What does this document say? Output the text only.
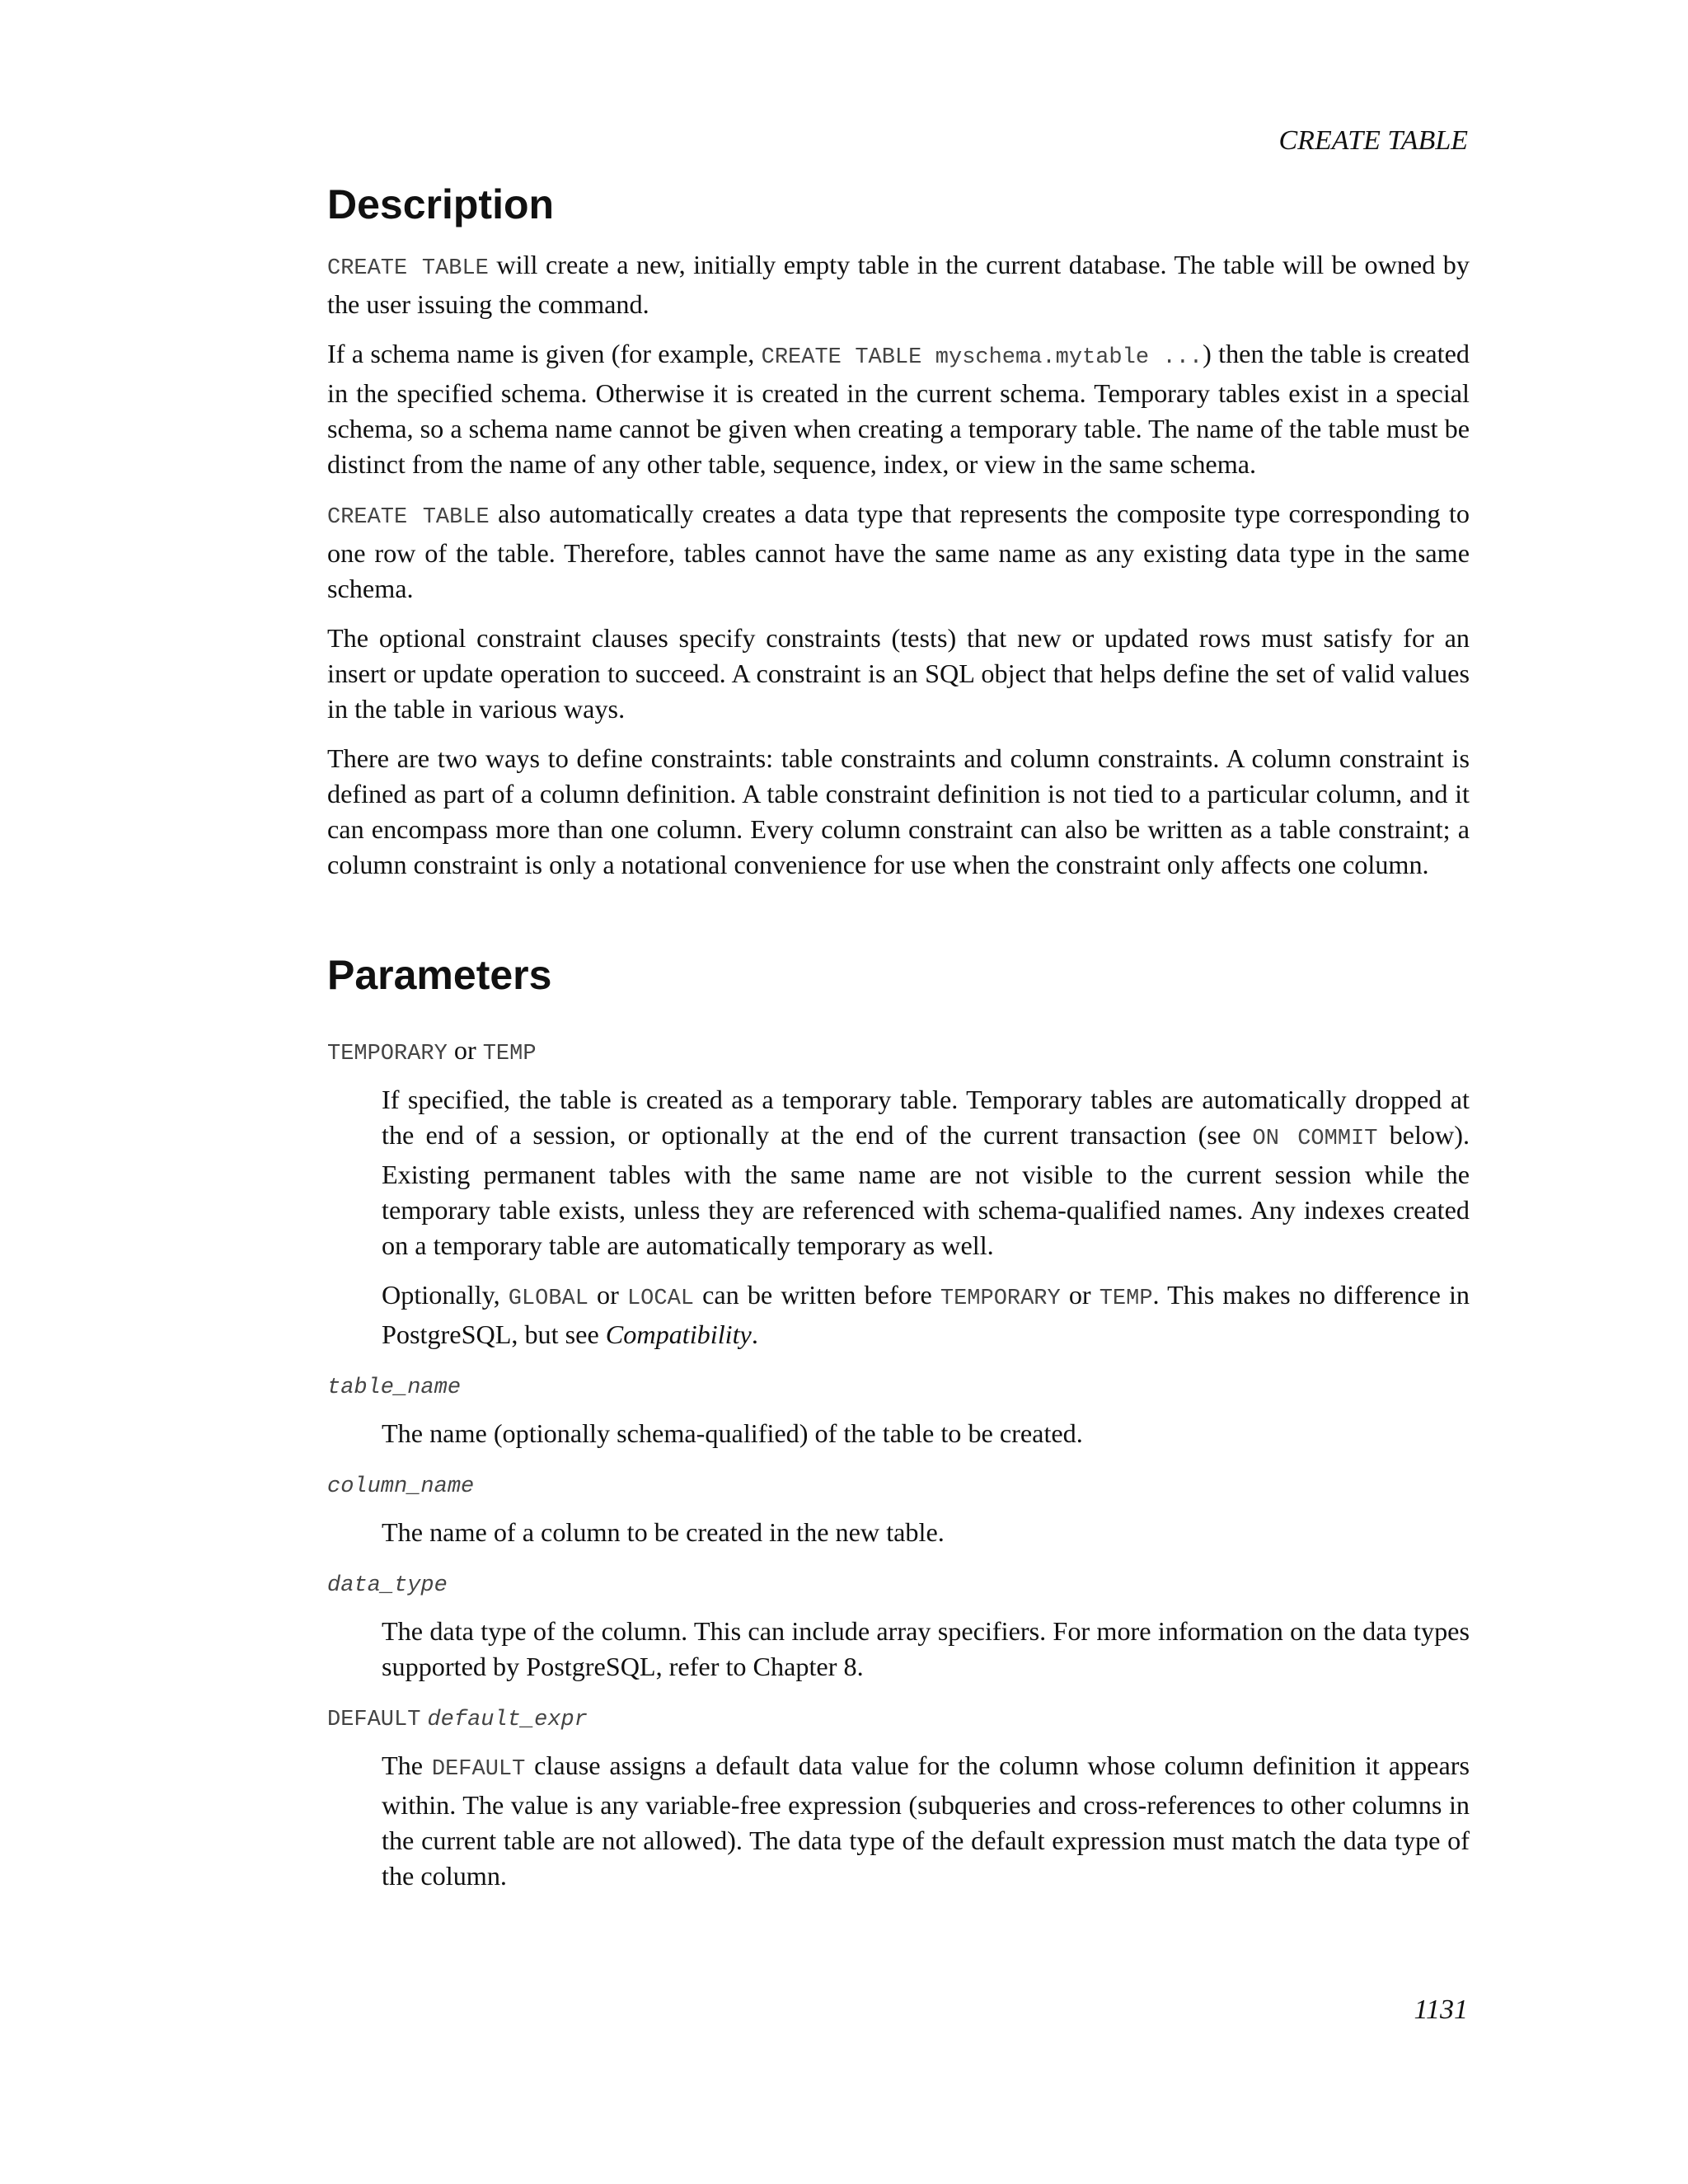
CREATE TABLE
Description

CREATE TABLE will create a new, initially empty table in the current database. The table will be owned by the user issuing the command.

If a schema name is given (for example, CREATE TABLE myschema.mytable ...) then the table is created in the specified schema. Otherwise it is created in the current schema. Temporary tables exist in a special schema, so a schema name cannot be given when creating a temporary table. The name of the table must be distinct from the name of any other table, sequence, index, or view in the same schema.

CREATE TABLE also automatically creates a data type that represents the composite type corresponding to one row of the table. Therefore, tables cannot have the same name as any existing data type in the same schema.

The optional constraint clauses specify constraints (tests) that new or updated rows must satisfy for an insert or update operation to succeed. A constraint is an SQL object that helps define the set of valid values in the table in various ways.

There are two ways to define constraints: table constraints and column constraints. A column constraint is defined as part of a column definition. A table constraint definition is not tied to a particular column, and it can encompass more than one column. Every column constraint can also be written as a table constraint; a column constraint is only a notational convenience for use when the constraint only affects one column.

Parameters
TEMPORARY or TEMP

If specified, the table is created as a temporary table. Temporary tables are automatically dropped at the end of a session, or optionally at the end of the current transaction (see ON COMMIT below). Existing permanent tables with the same name are not visible to the current session while the temporary table exists, unless they are referenced with schema-qualified names. Any indexes created on a temporary table are automatically temporary as well.

Optionally, GLOBAL or LOCAL can be written before TEMPORARY or TEMP. This makes no difference in PostgreSQL, but see Compatibility.

table_name

The name (optionally schema-qualified) of the table to be created.

column_name

The name of a column to be created in the new table.

data_type

The data type of the column. This can include array specifiers. For more information on the data types supported by PostgreSQL, refer to Chapter 8.

DEFAULT default_expr

The DEFAULT clause assigns a default data value for the column whose column definition it appears within. The value is any variable-free expression (subqueries and cross-references to other columns in the current table are not allowed). The data type of the default expression must match the data type of the column.

1131
